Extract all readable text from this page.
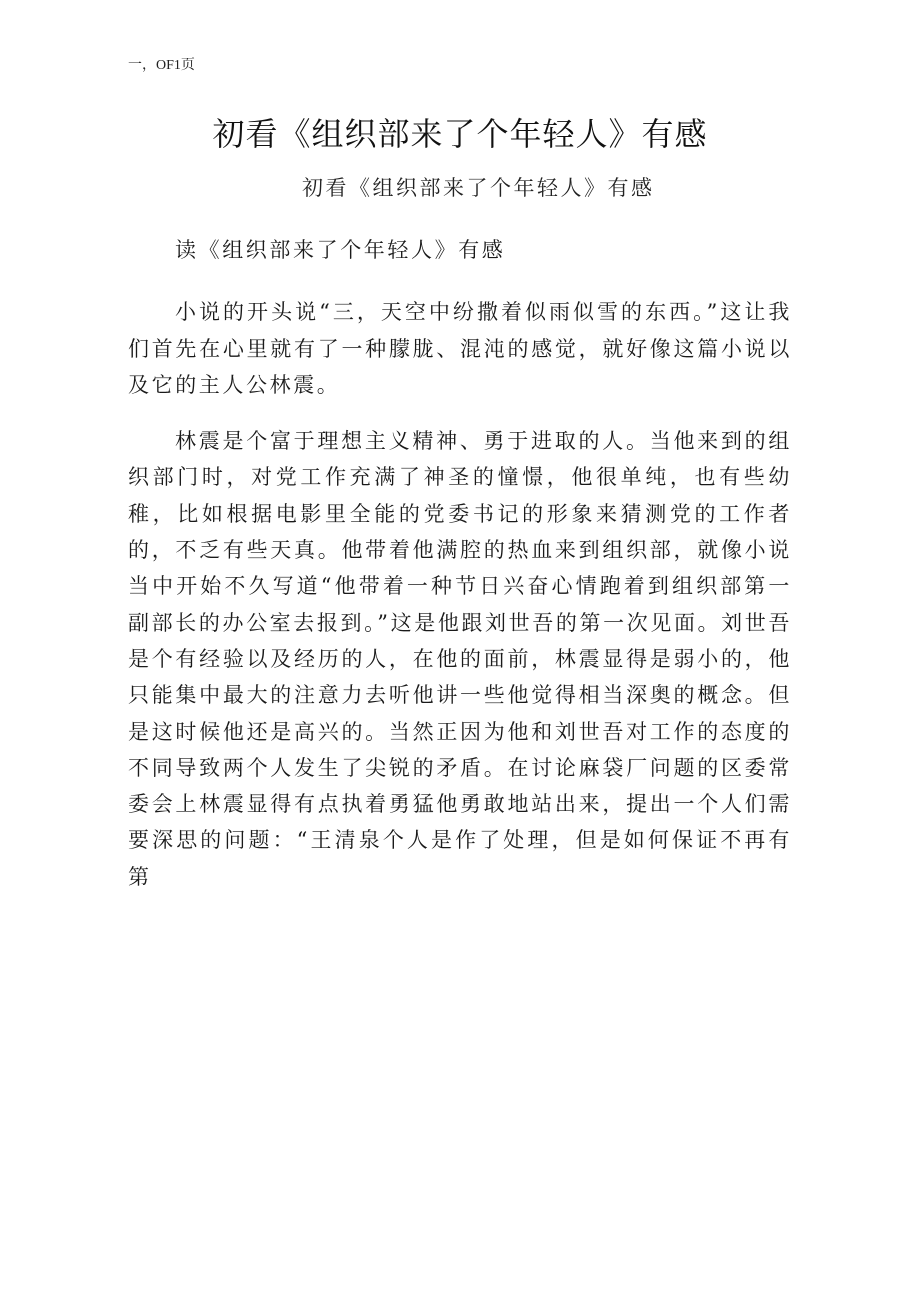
一，OF1页
初看《组织部来了个年轻人》有感
初看《组织部来了个年轻人》有感

读《组织部来了个年轻人》有感

小说的开头说“三，天空中纷撒着似雨似雪的东西。”这让我们首先在心里就有了一种朦胧、混沌的感觉，就好像这篇小说以及它的主人公林震。

林震是个富于理想主义精神、勇于进取的人。当他来到的组织部门时，对党工作充满了神圣的憧憬，他很单纯，也有些幼稚，比如根据电影里全能的党委书记的形象来猜测党的工作者的，不乏有些天真。他带着他满腔的热血来到组织部，就像小说当中开始不久写道“他带着一种节日兴奋心情跑着到组织部第一副部长的办公室去报到。”这是他跟刘世吾的第一次见面。刘世吾是个有经验以及经历的人，在他的面前，林震显得是弱小的，他只能集中最大的注意力去听他讲一些他觉得相当深奥的概念。但是这时候他还是高兴的。当然正因为他和刘世吾对工作的态度的不同导致两个人发生了尖锐的矛盾。在讨论麻袋厂问题的区委常委会上林震显得有点执着勇猛他勇敢地站出来，提出一个人们需要深思的问题：“王清泉个人是作了处理，但是如何保证不再有第
